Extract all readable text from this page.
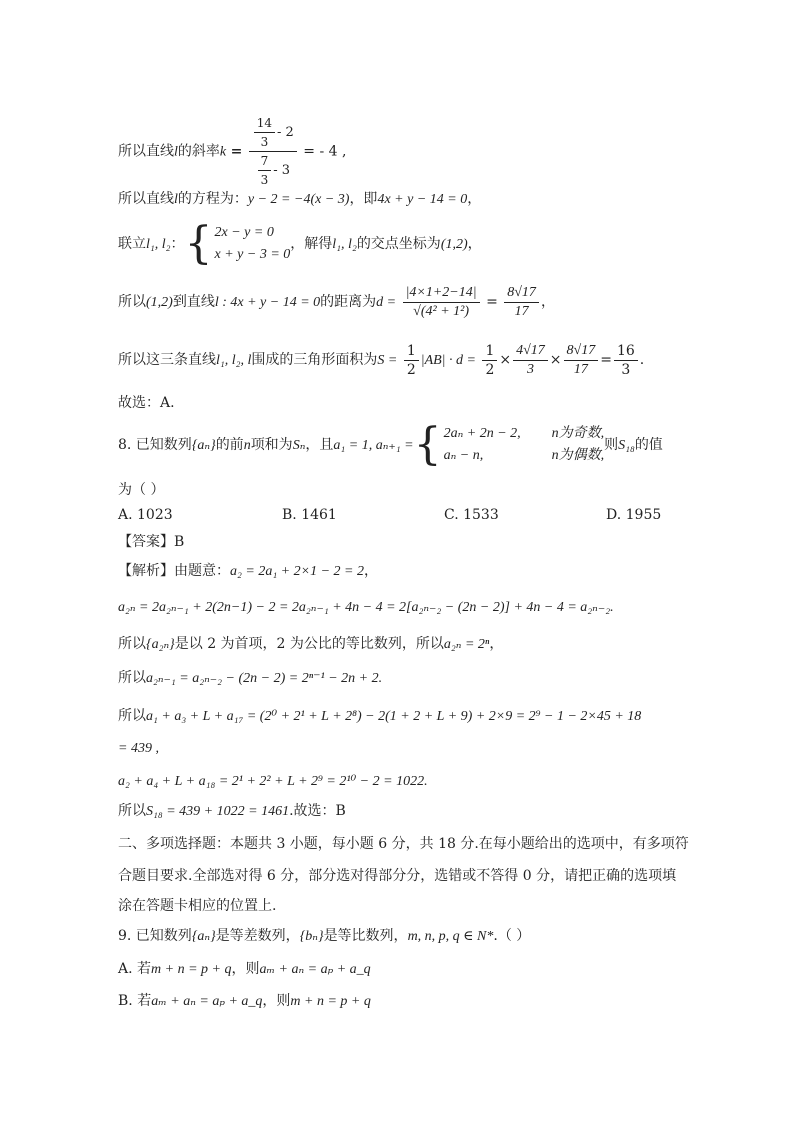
所以直线l的斜率$k = \frac{\frac{14}{3} - 2}{\frac{7}{3} - 3}$ = - 4 ,
所以直线l的方程为：y − 2 = −4(x − 3)，即4x + y − 14 = 0，
联立l₁, l₂：{ 2x − y = 0
x + y − 3 = 0
，解得l₁, l₂的交点坐标为(1,2)，
所以(1,2)到直线l : 4x + y − 14 = 0的距离为$d = \frac{|4\times 1+2-14|}{\text{√(4² + 1²)}} = \frac{8√17}{17}$ ，
所以这三条直线l₁, l₂, l围成的三角形面积为$S = \frac{1}{2} |AB| \cdot d = \frac{1}{2} \times \frac{4√17}{3} \times \frac{8√17}{17} = \frac{16}{3}$ .
故选：A.
8. 已知数列{aₙ}的前n项和为Sₙ，且a₁ = 1, aₙ₊₁ ={ 2aₙ + 2n − 2, n为奇数,
aₙ − n,	n为偶数,
则S₁₈的值
为（ ）
A. 1023	B. 1461	C. 1533	D. 1955
【答案】B
【解析】由题意：a₂ = 2a₁ + 2×1 − 2 = 2，
a₂ₙ = 2a₂ₙ₋₁ + 2(2n−1) − 2 = 2a₂ₙ₋₁ + 4n − 4 = 2[a₂ₙ₋₂ − (2n − 2)] + 4n − 4 = a₂ₙ₋₂.
所以{a₂ₙ}是以 2 为首项，2 为公比的等比数列，所以a₂ₙ = 2ⁿ，
所以a₂ₙ₋₁ = a₂ₙ₋₂ − (2n − 2) = 2ⁿ⁻¹ − 2n + 2.
所以a₁ + a₃ + L + a₁₇ = (2⁰ + 2¹ + L + 2⁸) − 2(1 + 2 + L + 9) + 2×9 = 2⁹ − 1 − 2×45 + 18
= 439 ,
a₂ + a₄ + L + a₁₈ = 2¹ + 2² + L + 2⁹ = 2¹⁰ − 2 = 1022.
所以S₁₈ = 439 + 1022 = 1461.故选：B
二、多项选择题：本题共 3 小题，每小题 6 分，共 18 分.在每小题给出的选项中，有多项符
合题目要求.全部选对得 6 分，部分选对得部分分，选错或不答得 0 分，请把正确的选项填
涂在答题卡相应的位置上.
9. 已知数列{aₙ}是等差数列，{bₙ}是等比数列，m, n, p, q ∈ N*.（ ）
A. 若m + n = p + q，则aₘ + aₙ = aₚ + a_q
B. 若aₘ + aₙ = aₚ + a_q，则m + n = p + q
